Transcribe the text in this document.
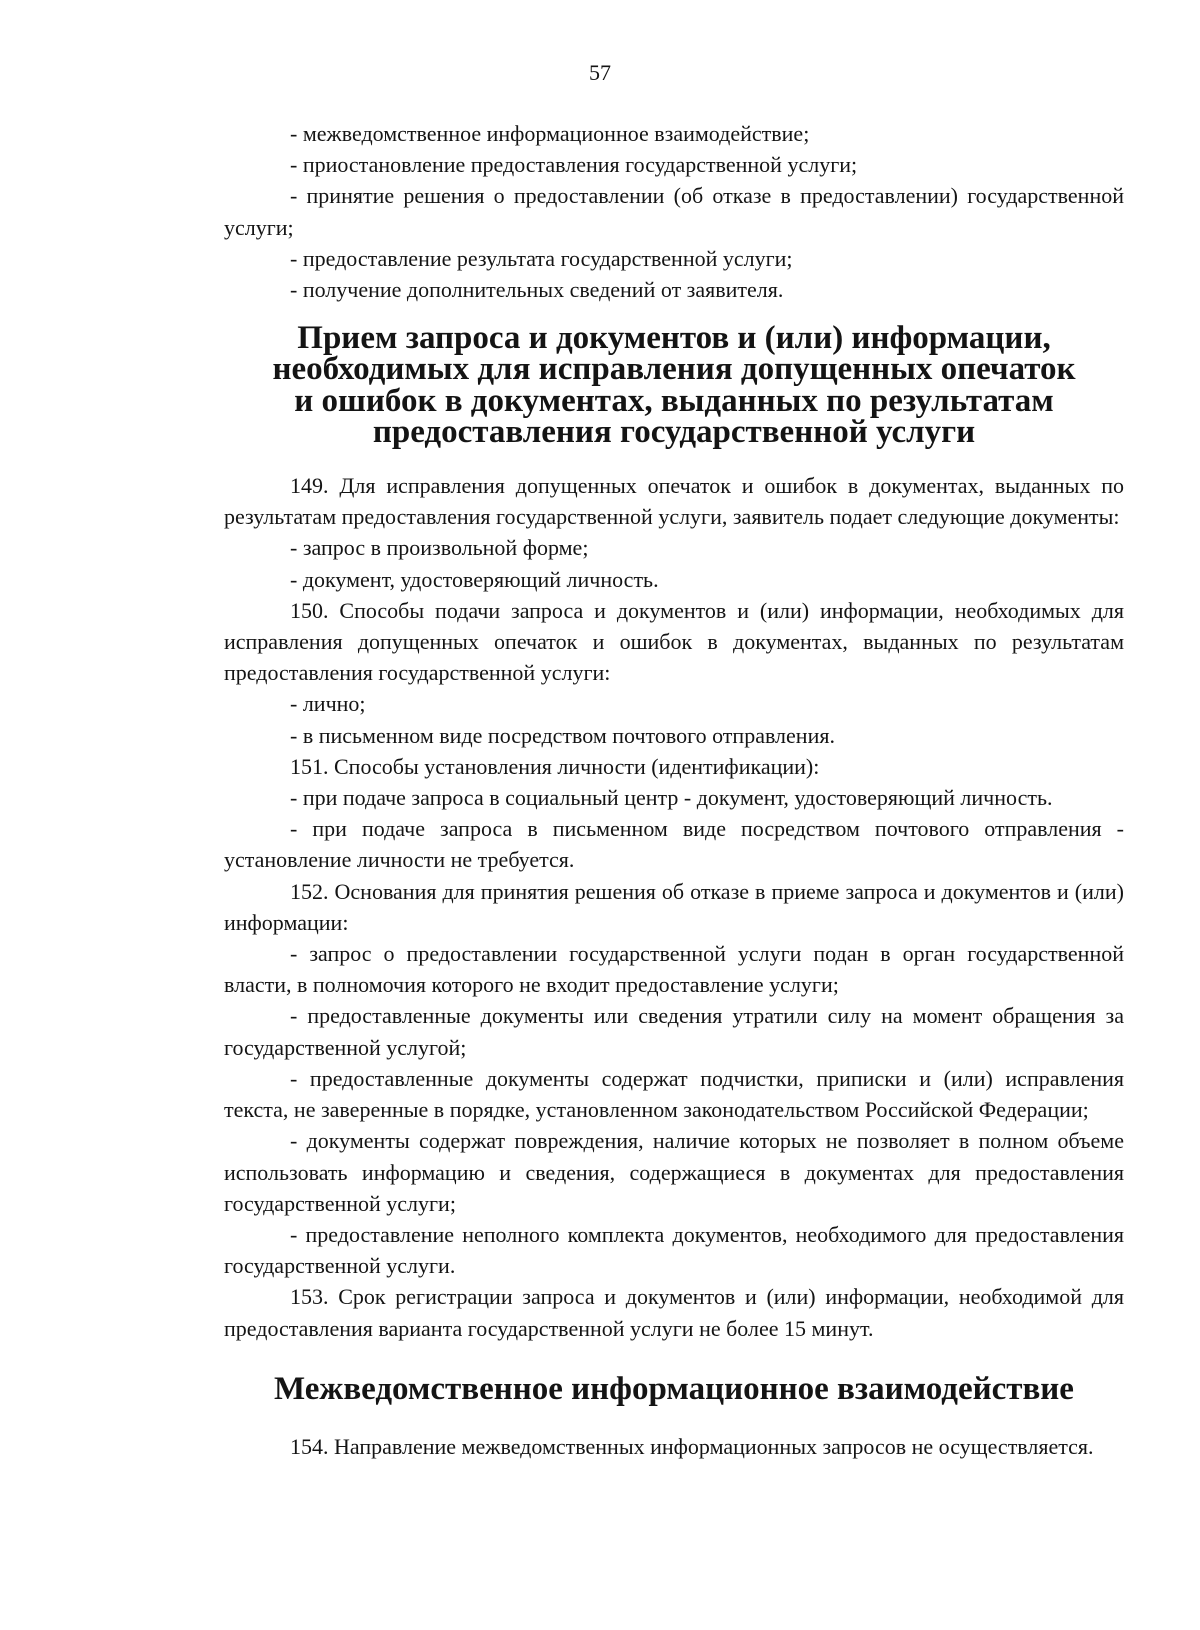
57

- межведомственное информационное взаимодействие;

- приостановление предоставления государственной услуги;

- принятие решения о предоставлении (об отказе в предоставлении) государственной услуги;

- предоставление результата государственной услуги;

- получение дополнительных сведений от заявителя.

Прием запроса и документов и (или) информации, необходимых для исправления допущенных опечаток и ошибок в документах, выданных по результатам предоставления государственной услуги

149. Для исправления допущенных опечаток и ошибок в документах, выданных по результатам предоставления государственной услуги, заявитель подает следующие документы:

- запрос в произвольной форме;

- документ, удостоверяющий личность.

150. Способы подачи запроса и документов и (или) информации, необходимых для исправления допущенных опечаток и ошибок в документах, выданных по результатам предоставления государственной услуги:

- лично;

- в письменном виде посредством почтового отправления.

151. Способы установления личности (идентификации):

- при подаче запроса в социальный центр - документ, удостоверяющий личность.

- при подаче запроса в письменном виде посредством почтового отправления - установление личности не требуется.

152. Основания для принятия решения об отказе в приеме запроса и документов и (или) информации:

- запрос о предоставлении государственной услуги подан в орган государственной власти, в полномочия которого не входит предоставление услуги;

- предоставленные документы или сведения утратили силу на момент обращения за государственной услугой;

- предоставленные документы содержат подчистки, приписки и (или) исправления текста, не заверенные в порядке, установленном законодательством Российской Федерации;

- документы содержат повреждения, наличие которых не позволяет в полном объеме использовать информацию и сведения, содержащиеся в документах для предоставления государственной услуги;

- предоставление неполного комплекта документов, необходимого для предоставления государственной услуги.

153. Срок регистрации запроса и документов и (или) информации, необходимой для предоставления варианта государственной услуги не более 15 минут.

Межведомственное информационное взаимодействие

154. Направление межведомственных информационных запросов не осуществляется.
